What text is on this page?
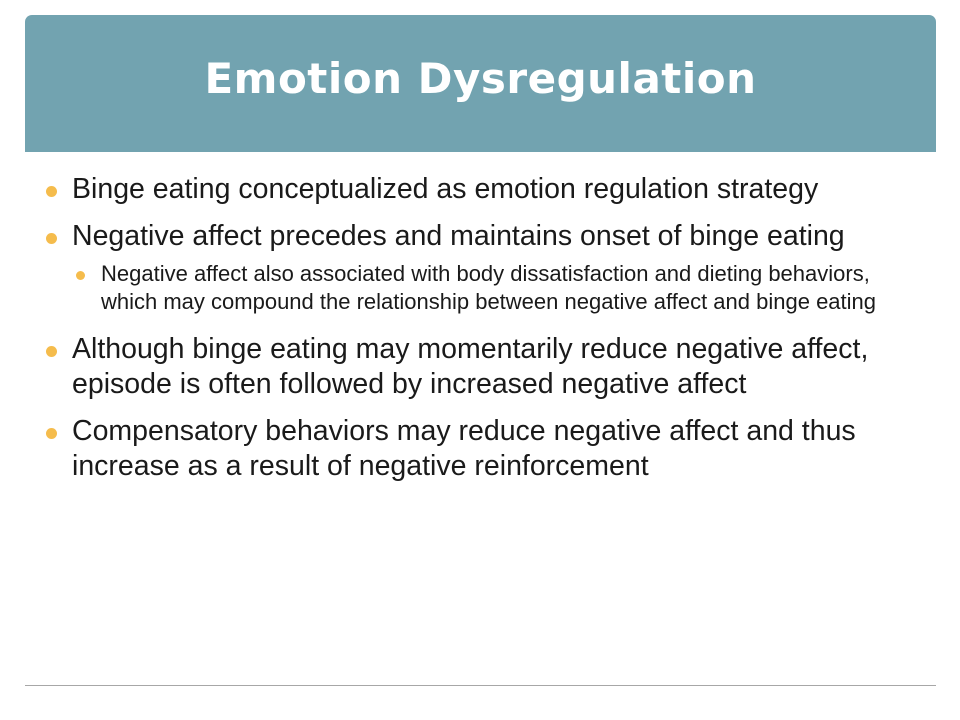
Emotion Dysregulation
Binge eating conceptualized as emotion regulation strategy
Negative affect precedes and maintains onset of binge eating
Negative affect also associated with body dissatisfaction and dieting behaviors, which may compound the relationship between negative affect and binge eating
Although binge eating may momentarily reduce negative affect, episode is often followed by increased negative affect
Compensatory behaviors may reduce negative affect and thus increase as a result of negative reinforcement
